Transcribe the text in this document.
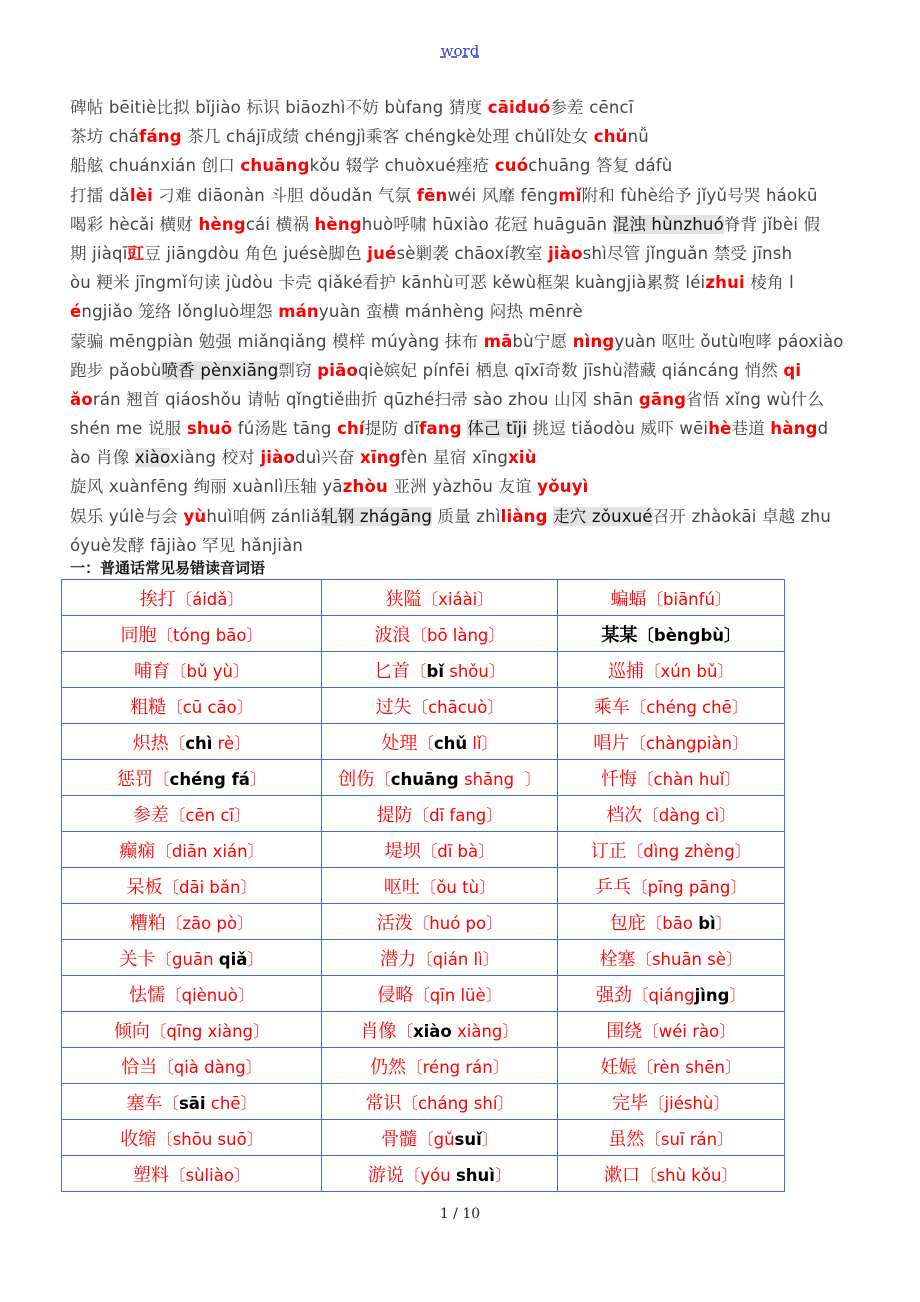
word
碑帖 bēitiè比拟 bǐjiào 标识 biāozhì不妨 bùfang 猜度 cāiduó参差 cēncī
茶坊 cháfáng 茶几 chájī成绩 chéngjì乘客 chéngkè处理 chǔlǐ处女 chǔnǚ
船舷 chuánxián 创口 chuāngkǒu 辍学 chuòxué痤疮 cuóchuāng 答复 dáfù
打擂 dǎlèi 刁难 diāonàn 斗胆 dǒudǎn 气氛 fēnwéi 风靡 fēngmǐ附和 fùhè给予 jǐyǔ号哭 háokū
喝彩 hècǎi 横财 hèngcái 横祸 hènghuò呼啸 hūxiào 花冠 huāguān 混浊 hùnzhuó脊背 jǐbèi 假
期 jiàqī豇豆 jiāngdòu 角色 juésè脚色 juésè剿袭 chāoxí教室 jiàoshì尽管 jǐnguǎn 禁受 jīnsh
òu 粳米 jīngmǐ句读 jùdòu 卡壳 qiǎké看护 kānhù可恶 kěwù框架 kuàngjià累赘 léizhui 棱角 l
éngjiǎo 笼络 lǒngluò埋怨 mányuàn 蛮横 mánhèng 闷热 mēnrè
蒙骗 mēngpiàn 勉强 miǎnqiǎng 模样 múyàng 抹布 mābù宁愿 nìngyuàn 呕吐 ǒutù咆哮 páoxiào
跑步 pǎobù喷香 pènxiāng剽窃 piāoqiè嫔妃 pínfēi 栖息 qīxī奇数 jīshù潜藏 qiáncáng 悄然 qi
ǎorán 翘首 qiáoshǒu 请帖 qǐngtiě曲折 qūzhé扫帚 sào zhou 山冈 shān gāng省悟 xǐng wù什么
shén me 说服 shuō fú汤匙 tāng chí提防 dīfang 体己 tīji 挑逗 tiǎodòu 威吓 wēihè巷道 hàngd
ào 肖像 xiàoxiàng 校对 jiàoduì兴奋 xīngfèn 星宿 xīngxiù
旋风 xuànfēng 绚丽 xuànlì压轴 yāzhòu 亚洲 yàzhōu 友谊 yǒuyì
娱乐 yúlè与会 yùhuì咱俩 zánliǎ轧钢 zhágāng 质量 zhìliàng 走穴 zǒuxué召开 zhàokāi 卓越 zhu
óyuè发酵 fājiào 罕见 hǎnjiàn
一：普通话常见易错读音词语
挨打〔áidǎ〕	狭隘〔xiáài〕	蝙蝠〔biānfú〕
同胞〔tóng bāo〕	波浪〔bō làng〕	某某〔bèngbù〕
哺育〔bǔ yù〕	匕首〔bǐ shǒu〕	巡捕〔xún bǔ〕
粗糙〔cū cāo〕	过失〔chācuò〕	乘车〔chéng chē〕
炽热〔chì rè〕	处理〔chǔ lǐ〕	唱片〔chàngpiàn〕
惩罚〔chéng fá〕	创伤〔chuāng shāng  〕	忏悔〔chàn huǐ〕
参差〔cēn cī〕	提防〔dī fang〕	档次〔dàng cì〕
癫痫〔diān xián〕	堤坝〔dī bà〕	订正〔dìng zhèng〕
呆板〔dāi bǎn〕	呕吐〔ǒu tù〕	乒乓〔pīng pāng〕
糟粕〔zāo pò〕	活泼〔huó po〕	包庇〔bāo bì〕
关卡〔guān qiǎ〕	潜力〔qián lì〕	栓塞〔shuān sè〕
怯懦〔qiènuò〕	侵略〔qīn lüè〕	强劲〔qiángjìng〕
倾向〔qīng xiàng〕	肖像〔xiào xiàng〕	围绕〔wéi rào〕
恰当〔qià dàng〕	仍然〔réng rán〕	妊娠〔rèn shēn〕
塞车〔sāi chē〕	常识〔cháng shí〕	完毕〔jiéshù〕
收缩〔shōu suō〕	骨髓〔gǔsuǐ〕	虽然〔suī rán〕
塑料〔sùliào〕	游说〔yóu shuì〕	漱口〔shù kǒu〕
1 / 10
